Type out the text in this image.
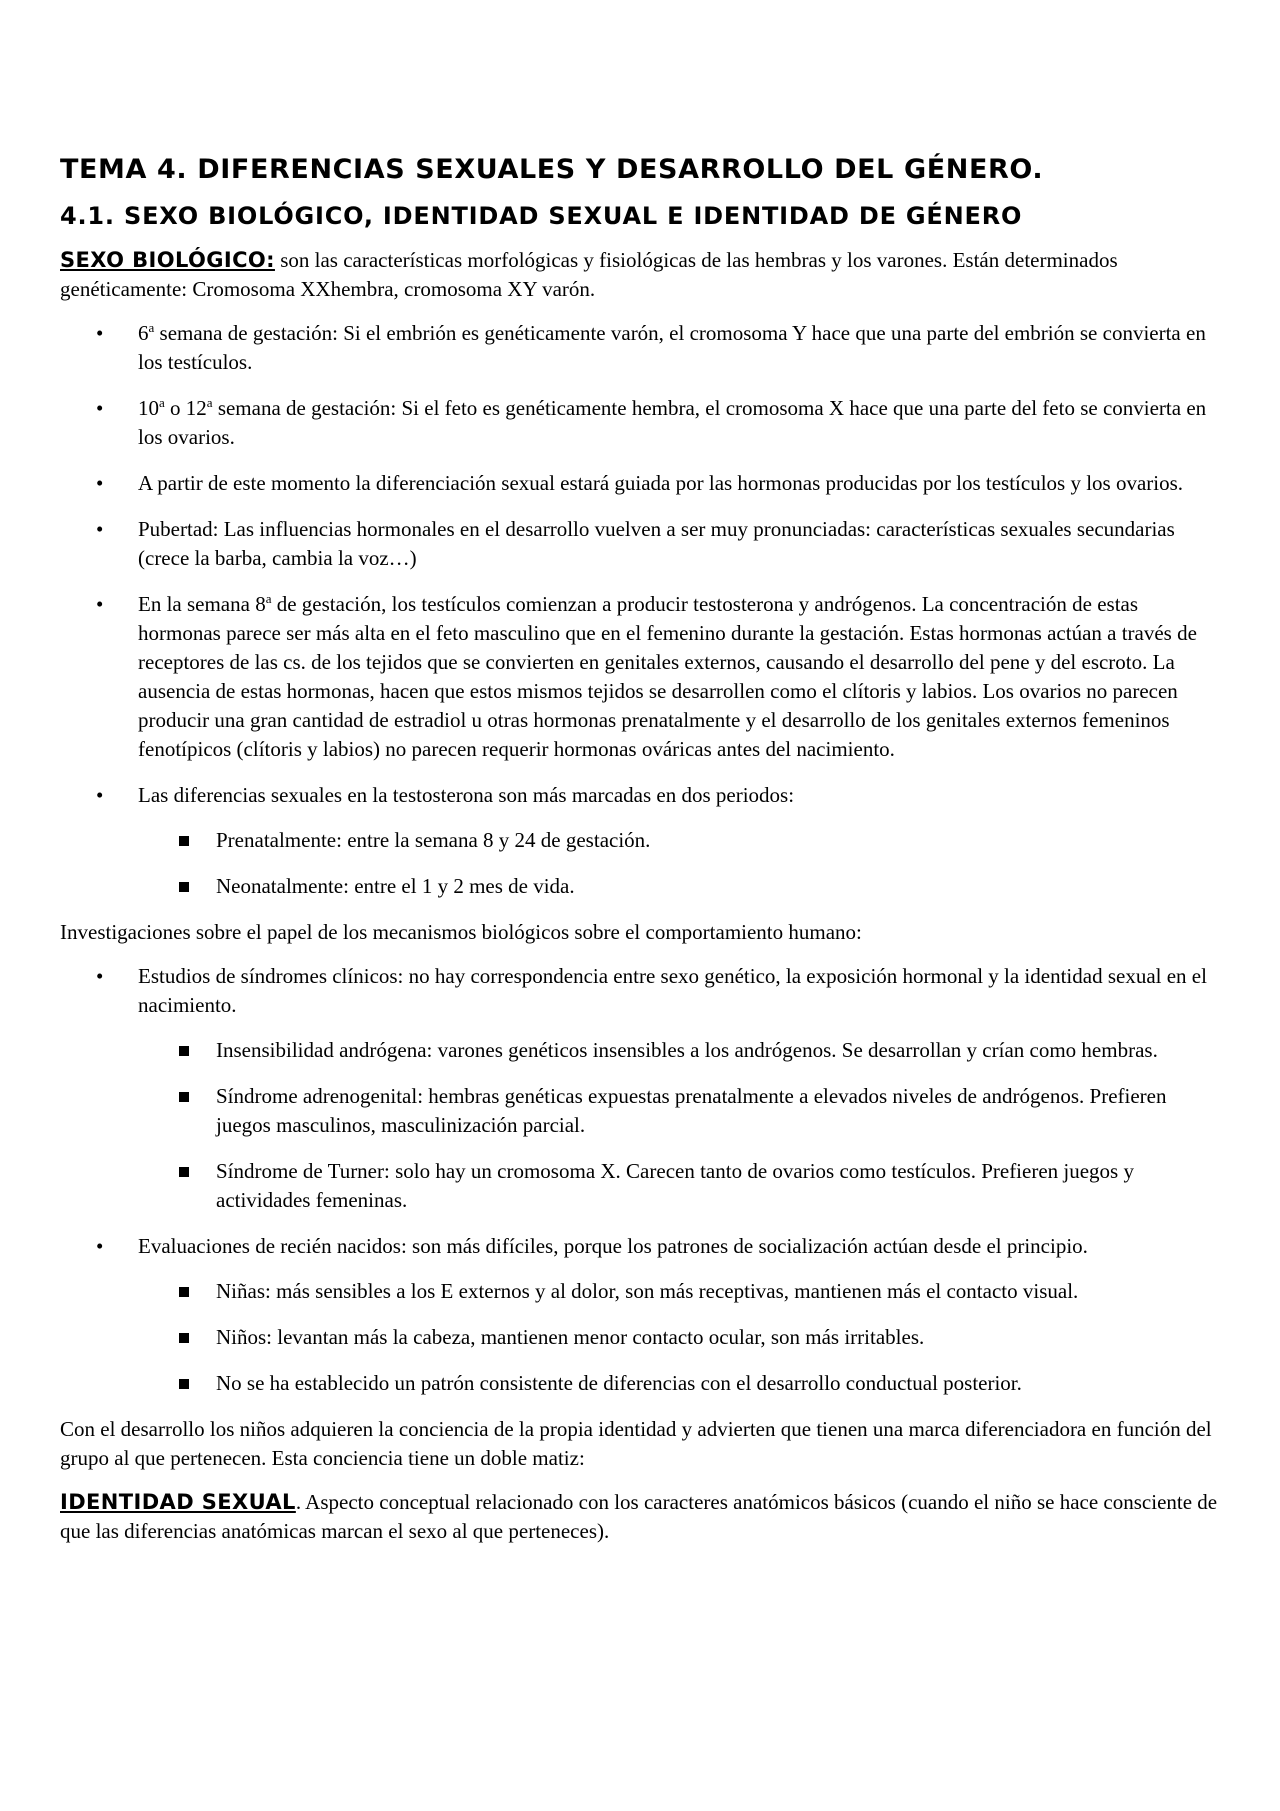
TEMA 4. DIFERENCIAS SEXUALES Y DESARROLLO DEL GÉNERO.
4.1. SEXO BIOLÓGICO, IDENTIDAD SEXUAL E IDENTIDAD DE GÉNERO

SEXO BIOLÓGICO: son las características morfológicas y fisiológicas de las hembras y los varones. Están determinados genéticamente: Cromosoma XXhembra, cromosoma XY varón.

• 6$^a$ semana de gestación: Si el embrión es genéticamente varón, el cromosoma Y hace que una parte del embrión se convierta en los testículos.
• 10$^a$ o 12$^a$ semana de gestación: Si el feto es genéticamente hembra, el cromosoma X hace que una parte del feto se convierta en los ovarios.
• A partir de este momento la diferenciación sexual estará guiada por las hormonas producidas por los testículos y los ovarios.
• Pubertad: Las influencias hormonales en el desarrollo vuelven a ser muy pronunciadas: características sexuales secundarias (crece la barba, cambia la voz…)
• En la semana 8$^a$ de gestación, los testículos comienzan a producir testosterona y andrógenos. La concentración de estas hormonas parece ser más alta en el feto masculino que en el femenino durante la gestación. Estas hormonas actúan a través de receptores de las cs. de los tejidos que se convierten en genitales externos, causando el desarrollo del pene y del escroto. La ausencia de estas hormonas, hacen que estos mismos tejidos se desarrollen como el clítoris y labios. Los ovarios no parecen producir una gran cantidad de estradiol u otras hormonas prenatalmente y el desarrollo de los genitales externos femeninos fenotípicos (clítoris y labios) no parecen requerir hormonas ováricas antes del nacimiento.
• Las diferencias sexuales en la testosterona son más marcadas en dos periodos:
Prenatalmente: entre la semana 8 y 24 de gestación.
Neonatalmente: entre el 1 y 2 mes de vida.

Investigaciones sobre el papel de los mecanismos biológicos sobre el comportamiento humano:

• Estudios de síndromes clínicos: no hay correspondencia entre sexo genético, la exposición hormonal y la identidad sexual en el nacimiento.
Insensibilidad andrógena: varones genéticos insensibles a los andrógenos. Se desarrollan y crían como hembras.
Síndrome adrenogenital: hembras genéticas expuestas prenatalmente a elevados niveles de andrógenos. Prefieren juegos masculinos, masculinización parcial.
Síndrome de Turner: solo hay un cromosoma X. Carecen tanto de ovarios como testículos. Prefieren juegos y actividades femeninas.
• Evaluaciones de recién nacidos: son más difíciles, porque los patrones de socialización actúan desde el principio.
Niñas: más sensibles a los E externos y al dolor, son más receptivas, mantienen más el contacto visual.
Niños: levantan más la cabeza, mantienen menor contacto ocular, son más irritables.
No se ha establecido un patrón consistente de diferencias con el desarrollo conductual posterior.

Con el desarrollo los niños adquieren la conciencia de la propia identidad y advierten que tienen una marca diferenciadora en función del grupo al que pertenecen. Esta conciencia tiene un doble matiz:

IDENTIDAD SEXUAL. Aspecto conceptual relacionado con los caracteres anatómicos básicos (cuando el niño se hace consciente de que las diferencias anatómicas marcan el sexo al que perteneces).
